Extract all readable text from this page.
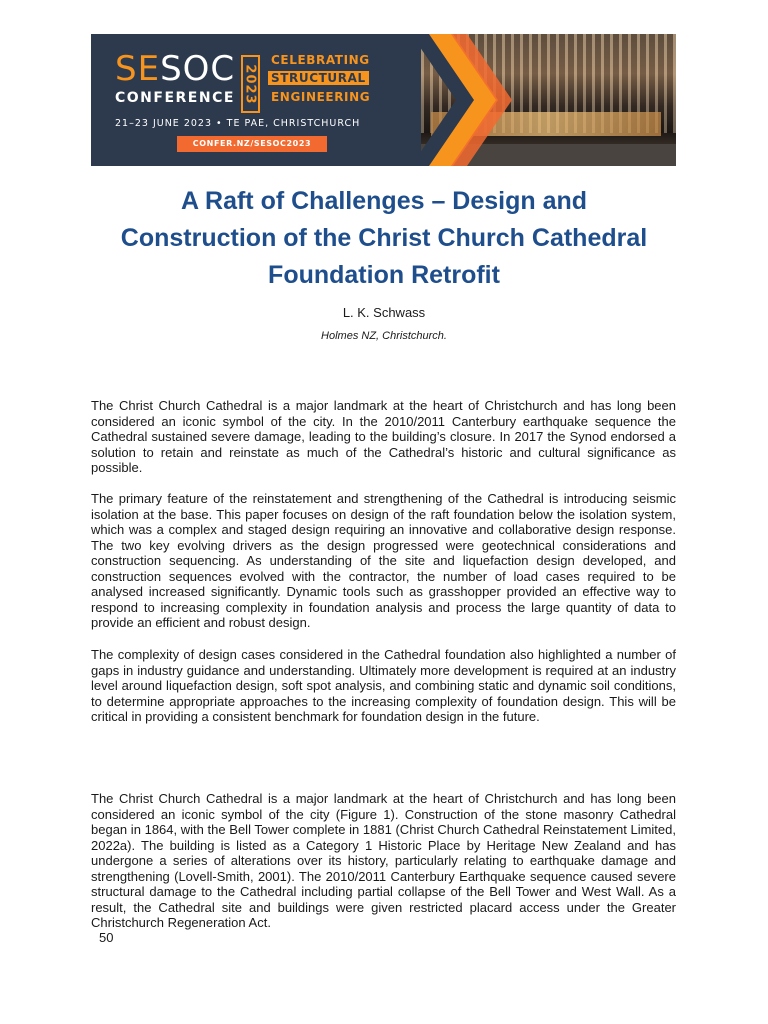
SESOC
CONFERENCE 2023
CELEBRATING
STRUCTURAL
ENGINEERING
21–23 JUNE 2023 • TE PAE, CHRISTCHURCH
CONFER.NZ/SESOC2023
A Raft of Challenges – Design and Construction of the Christ Church Cathedral Foundation Retrofit
L. K. Schwass
Holmes NZ, Christchurch.

The Christ Church Cathedral is a major landmark at the heart of Christchurch and has long been considered an iconic symbol of the city. In the 2010/2011 Canterbury earthquake sequence the Cathedral sustained severe damage, leading to the building’s closure. In 2017 the Synod endorsed a solution to retain and reinstate as much of the Cathedral’s historic and cultural significance as possible.

The primary feature of the reinstatement and strengthening of the Cathedral is introducing seismic isolation at the base. This paper focuses on design of the raft foundation below the isolation system, which was a complex and staged design requiring an innovative and collaborative design response. The two key evolving drivers as the design progressed were geotechnical considerations and construction sequencing. As understanding of the site and liquefaction design developed, and construction sequences evolved with the contractor, the number of load cases required to be analysed increased significantly. Dynamic tools such as grasshopper provided an effective way to respond to increasing complexity in foundation analysis and process the large quantity of data to provide an efficient and robust design.

The complexity of design cases considered in the Cathedral foundation also highlighted a number of gaps in industry guidance and understanding. Ultimately more development is required at an industry level around liquefaction design, soft spot analysis, and combining static and dynamic soil conditions, to determine appropriate approaches to the increasing complexity of foundation design. This will be critical in providing a consistent benchmark for foundation design in the future.

The Christ Church Cathedral is a major landmark at the heart of Christchurch and has long been considered an iconic symbol of the city (Figure 1). Construction of the stone masonry Cathedral began in 1864, with the Bell Tower complete in 1881 (Christ Church Cathedral Reinstatement Limited, 2022a). The building is listed as a Category 1 Historic Place by Heritage New Zealand and has undergone a series of alterations over its history, particularly relating to earthquake damage and strengthening (Lovell-Smith, 2001). The 2010/2011 Canterbury Earthquake sequence caused severe structural damage to the Cathedral including partial collapse of the Bell Tower and West Wall. As a result, the Cathedral site and buildings were given restricted placard access under the Greater Christchurch Regeneration Act.

50
